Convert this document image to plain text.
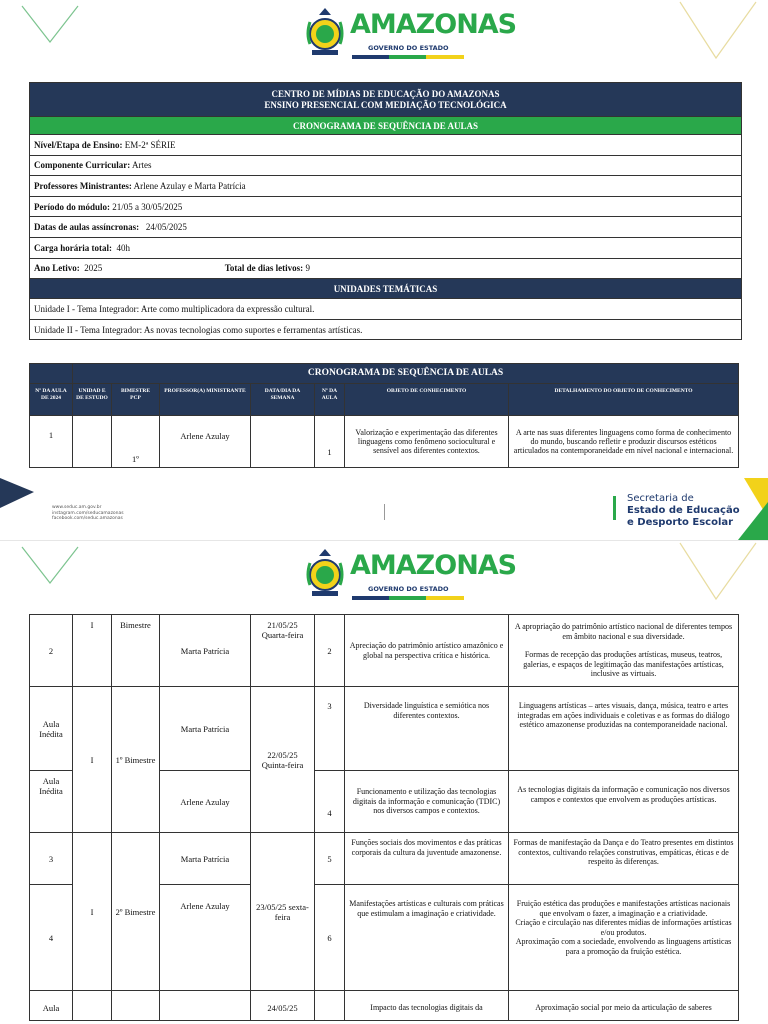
AMAZONAS
GOVERNO DO ESTADO
CENTRO DE MÍDIAS DE EDUCAÇÃO DO AMAZONAS
ENSINO PRESENCIAL COM MEDIAÇÃO TECNOLÓGICA

CRONOGRAMA DE SEQUÊNCIA DE AULAS
Nível/Etapa de Ensino: EM-2ª SÉRIE
Componente Curricular: Artes
Professores Ministrantes: Arlene Azulay e Marta Patrícia
Período do módulo: 21/05 a 30/05/2025
Datas de aulas assíncronas:   24/05/2025
Carga horária total:  40h
Ano Letivo:  2025	Total de dias letivos: 9
UNIDADES TEMÁTICAS
Unidade I - Tema Integrador: Arte como multiplicadora da expressão cultural.
Unidade II - Tema Integrador: As novas tecnologias como suportes e ferramentas artísticas.
	CRONOGRAMA DE SEQUÊNCIA DE AULAS						
Nº DA AULA DE 2024	UNIDAD E DE ESTUDO	BIMESTRE PCP	PROFESSOR(A) MINISTRANTE	DATA/DIA DA SEMANA	Nº DA AULA	OBJETO DE CONHECIMENTO	DETALHAMENTO DO OBJETO DE CONHECIMENTO
1		1º	Arlene Azulay		1	Valorização e experimentação das diferentes linguagens como fenômeno sociocultural e sensível aos diferentes contextos.	A arte nas suas diferentes linguagens como forma de conhecimento do mundo, buscando refletir e produzir discursos estéticos articulados na contemporaneidade em nível nacional e internacional.
www.seduc.am.gov.br
instagram.com/seducamazonas
facebook.com/seduc.amazonas
Secretaria de
Estado de Educação
e Desporto Escolar
AMAZONAS
GOVERNO DO ESTADO
2	I	Bimestre	Marta Patrícia	21/05/25 Quarta-feira	2	Apreciação do patrimônio artístico amazônico e global na perspectiva crítica e histórica.	A apropriação do patrimônio artístico nacional de diferentes tempos em âmbito nacional e sua diversidade.
Formas de recepção das produções artísticas, museus, teatros, galerias, e espaços de legitimação das manifestações artísticas, inclusive as virtuais.

Aula Inédita	I	1º Bimestre	Marta Patrícia	22/05/25 Quinta-feira	3	Diversidade linguística e semiótica nos diferentes contextos.	Linguagens artísticas – artes visuais, dança, música, teatro e artes integradas em ações individuais e coletivas e as formas do diálogo estético amazonense produzidas na contemporaneidade nacional.
Aula Inédita			Arlene Azulay		4	Funcionamento e utilização das tecnologias digitais da informação e comunicação (TDIC) nos diversos campos e contextos.	As tecnologias digitais da informação e comunicação nos diversos campos e contextos que envolvem as produções artísticas.
3	I	2º Bimestre	Marta Patrícia	23/05/25 sexta-feira	5	Funções sociais dos movimentos e das práticas corporais da cultura da juventude amazonense.	Formas de manifestação da Dança e do Teatro presentes em distintos contextos, cultivando relações construtivas, empáticas, éticas e de respeito às diferenças.
4			Arlene Azulay		6	Manifestações artísticas e culturais com práticas que estimulam a imaginação e criatividade.	Fruição estética das produções e manifestações artísticas nacionais que envolvam o fazer, a imaginação e a criatividade.
Criação e circulação nas diferentes mídias de informações artísticas e/ou produtos.
Aproximação com a sociedade, envolvendo as linguagens artísticas para a promoção da fruição estética.

Aula				24/05/25		Impacto das tecnologias digitais da	Aproximação social por meio da articulação de saberes
